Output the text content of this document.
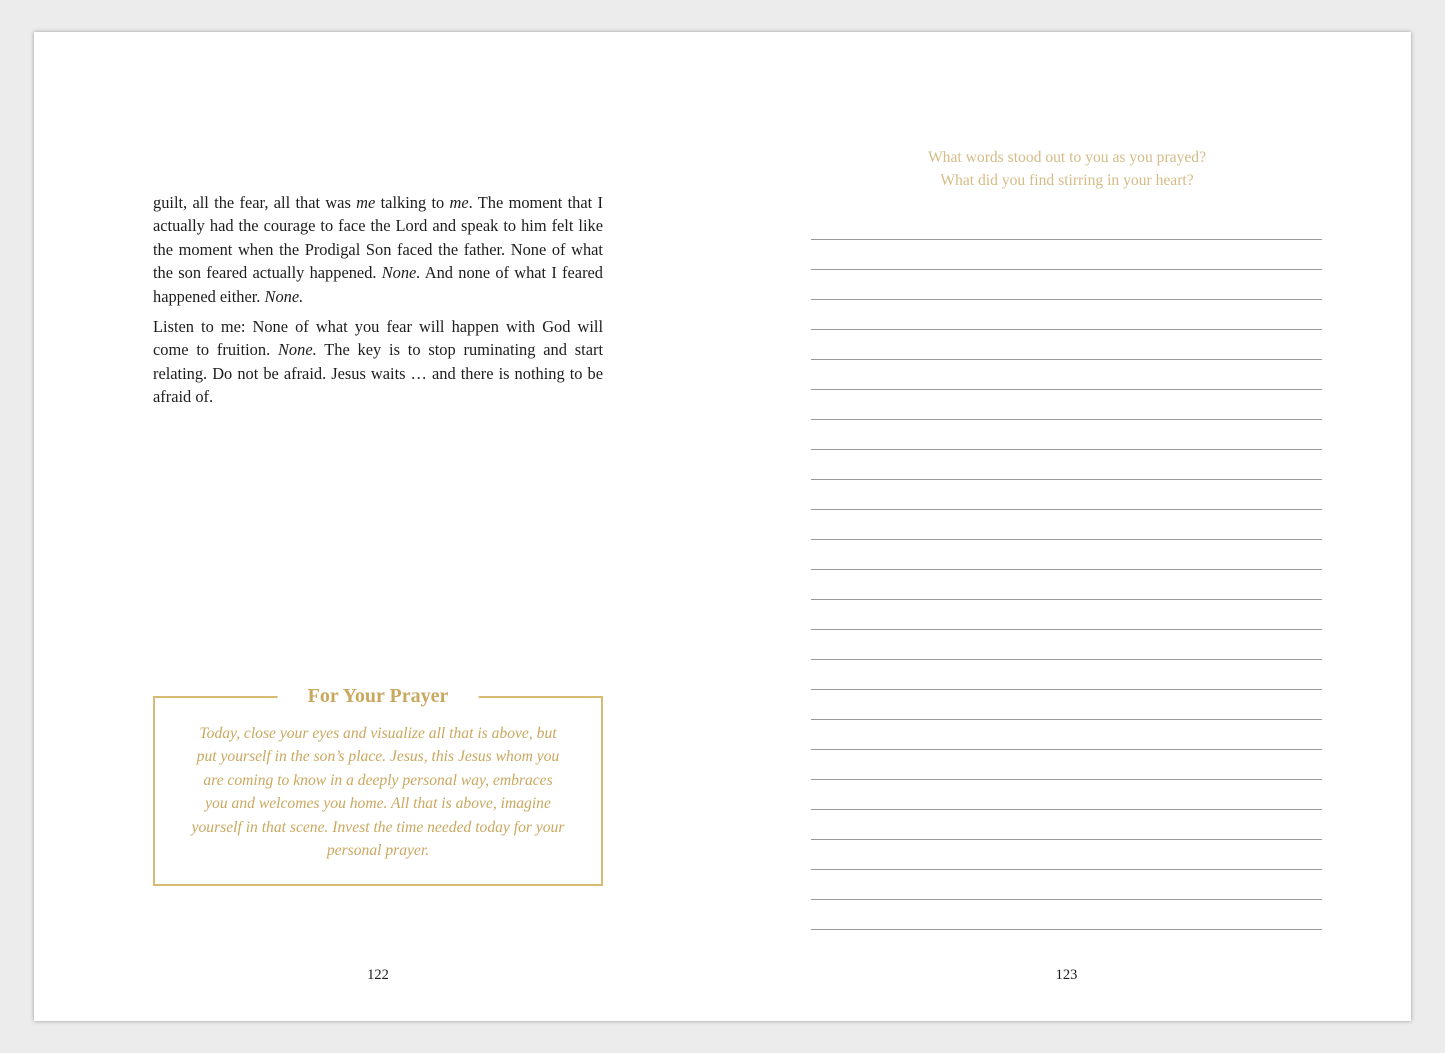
guilt, all the fear, all that was me talking to me. The moment that I actually had the courage to face the Lord and speak to him felt like the moment when the Prodigal Son faced the father. None of what the son feared actually happened. None. And none of what I feared happened either. None.

Listen to me: None of what you fear will happen with God will come to fruition. None. The key is to stop ruminating and start relating. Do not be afraid. Jesus waits … and there is nothing to be afraid of.

For Your Prayer
Today, close your eyes and visualize all that is above, but put yourself in the son’s place. Jesus, this Jesus whom you are coming to know in a deeply personal way, embraces you and welcomes you home. All that is above, imagine yourself in that scene. Invest the time needed today for your personal prayer.
122
What words stood out to you as you prayed?
What did you find stirring in your heart?
123
